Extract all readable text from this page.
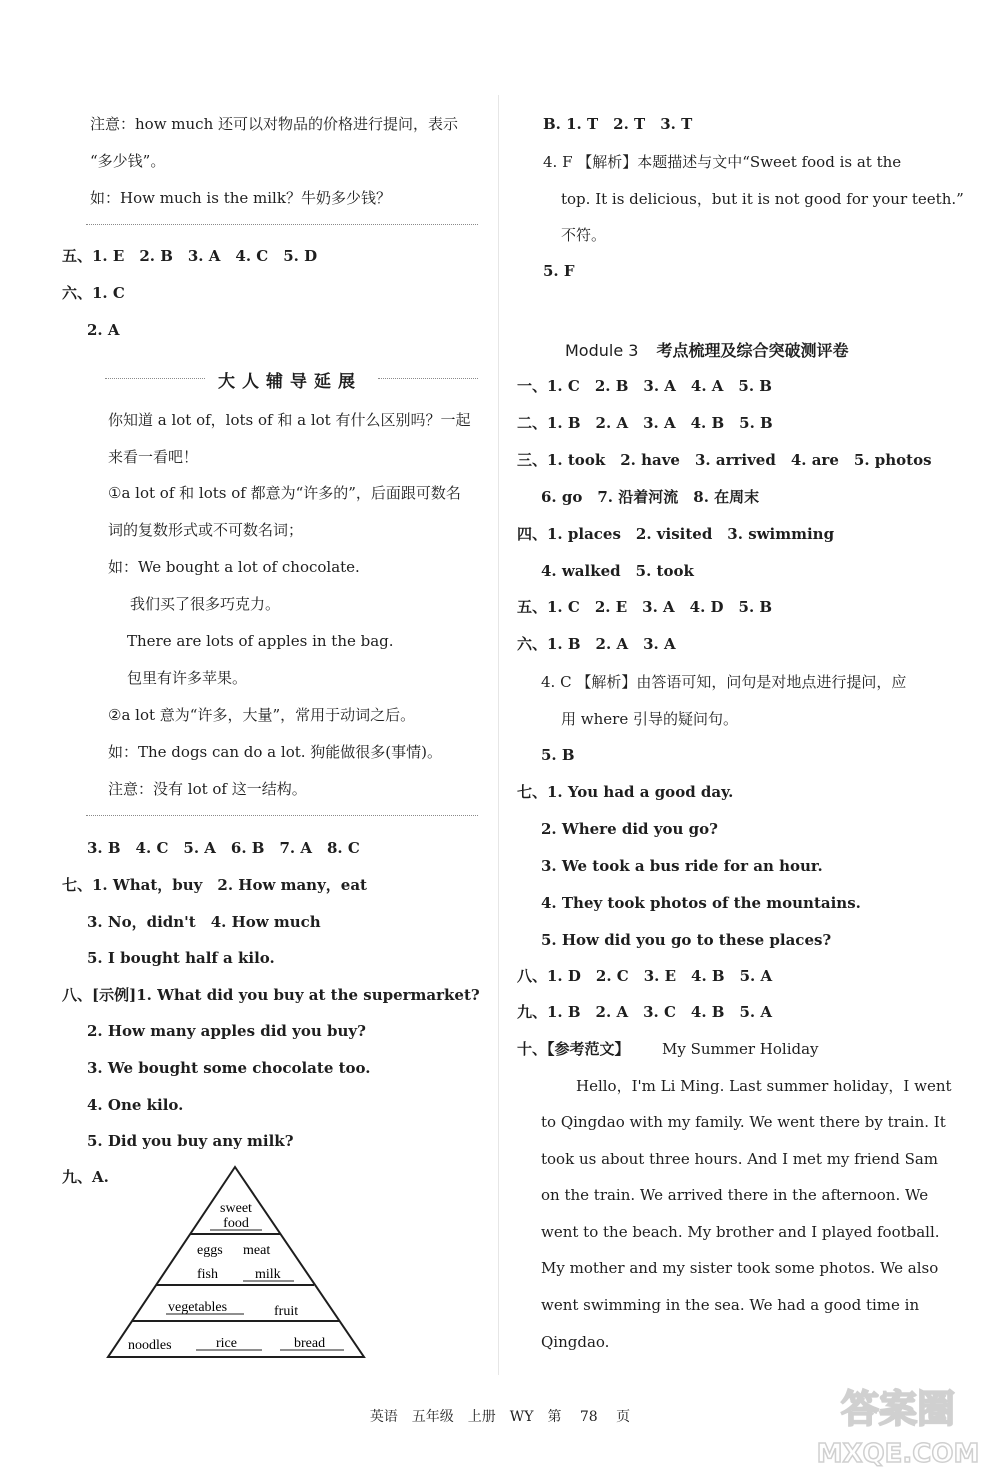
注意：how much 还可以对物品的价格进行提问，表示
“多少钱”。
如：How much is the milk？牛奶多少钱？
五、1. E　2. B　3. A　4. C　5. D
六、1. C
2. A
大人辅导延展
你知道 a lot of，lots of 和 a lot 有什么区别吗？一起
来看一看吧！
①a lot of 和 lots of 都意为“许多的”，后面跟可数名
词的复数形式或不可数名词；
如：We bought a lot of chocolate.
我们买了很多巧克力。
There are lots of apples in the bag.
包里有许多苹果。
②a lot 意为“许多，大量”，常用于动词之后。
如：The dogs can do a lot. 狗能做很多(事情)。
注意：没有 lot of 这一结构。
3. B　4. C　5. A　6. B　7. A　8. C
七、1. What，buy　2. How many，eat
3. No，didn't　4. How much
5. I bought half a kilo.
八、[示例]1. What did you buy at the supermarket?
2. How many apples did you buy?
3. We bought some chocolate too.
4. One kilo.
5. Did you buy any milk?
九、A.
sweet
food
eggs meat
fish	milk
vegetables	fruit
noodles	rice	bread
B. 1. T　2. T　3. T
4. F 【解析】本题描述与文中“Sweet food is at the
top. It is delicious，but it is not good for your teeth.”
不符。
5. F
Module 3 考点梳理及综合突破测评卷
一、1. C　2. B　3. A　4. A　5. B
二、1. B　2. A　3. A　4. B　5. B
三、1. took　2. have　3. arrived　4. are　5. photos
6. go　7. 沿着河流　8. 在周末
四、1. places　2. visited　3. swimming
4. walked　5. took
五、1. C　2. E　3. A　4. D　5. B
六、1. B　2. A　3. A
4. C 【解析】由答语可知，问句是对地点进行提问，应
用 where 引导的疑问句。
5. B
七、1. You had a good day.
2. Where did you go?
3. We took a bus ride for an hour.
4. They took photos of the mountains.
5. How did you go to these places?
八、1. D　2. C　3. E　4. B　5. A
九、1. B　2. A　3. C　4. B　5. A
十、【参考范文】 My Summer Holiday
Hello，I'm Li Ming. Last summer holiday，I went
to Qingdao with my family. We went there by train. It
took us about three hours. And I met my friend Sam
on the train. We arrived there in the afternoon. We
went to the beach. My brother and I played football.
My mother and my sister took some photos. We also
went swimming in the sea. We had a good time in
Qingdao.
英语　五年级　上册　WY　第 78 页	答案圈
MXQE.COM
